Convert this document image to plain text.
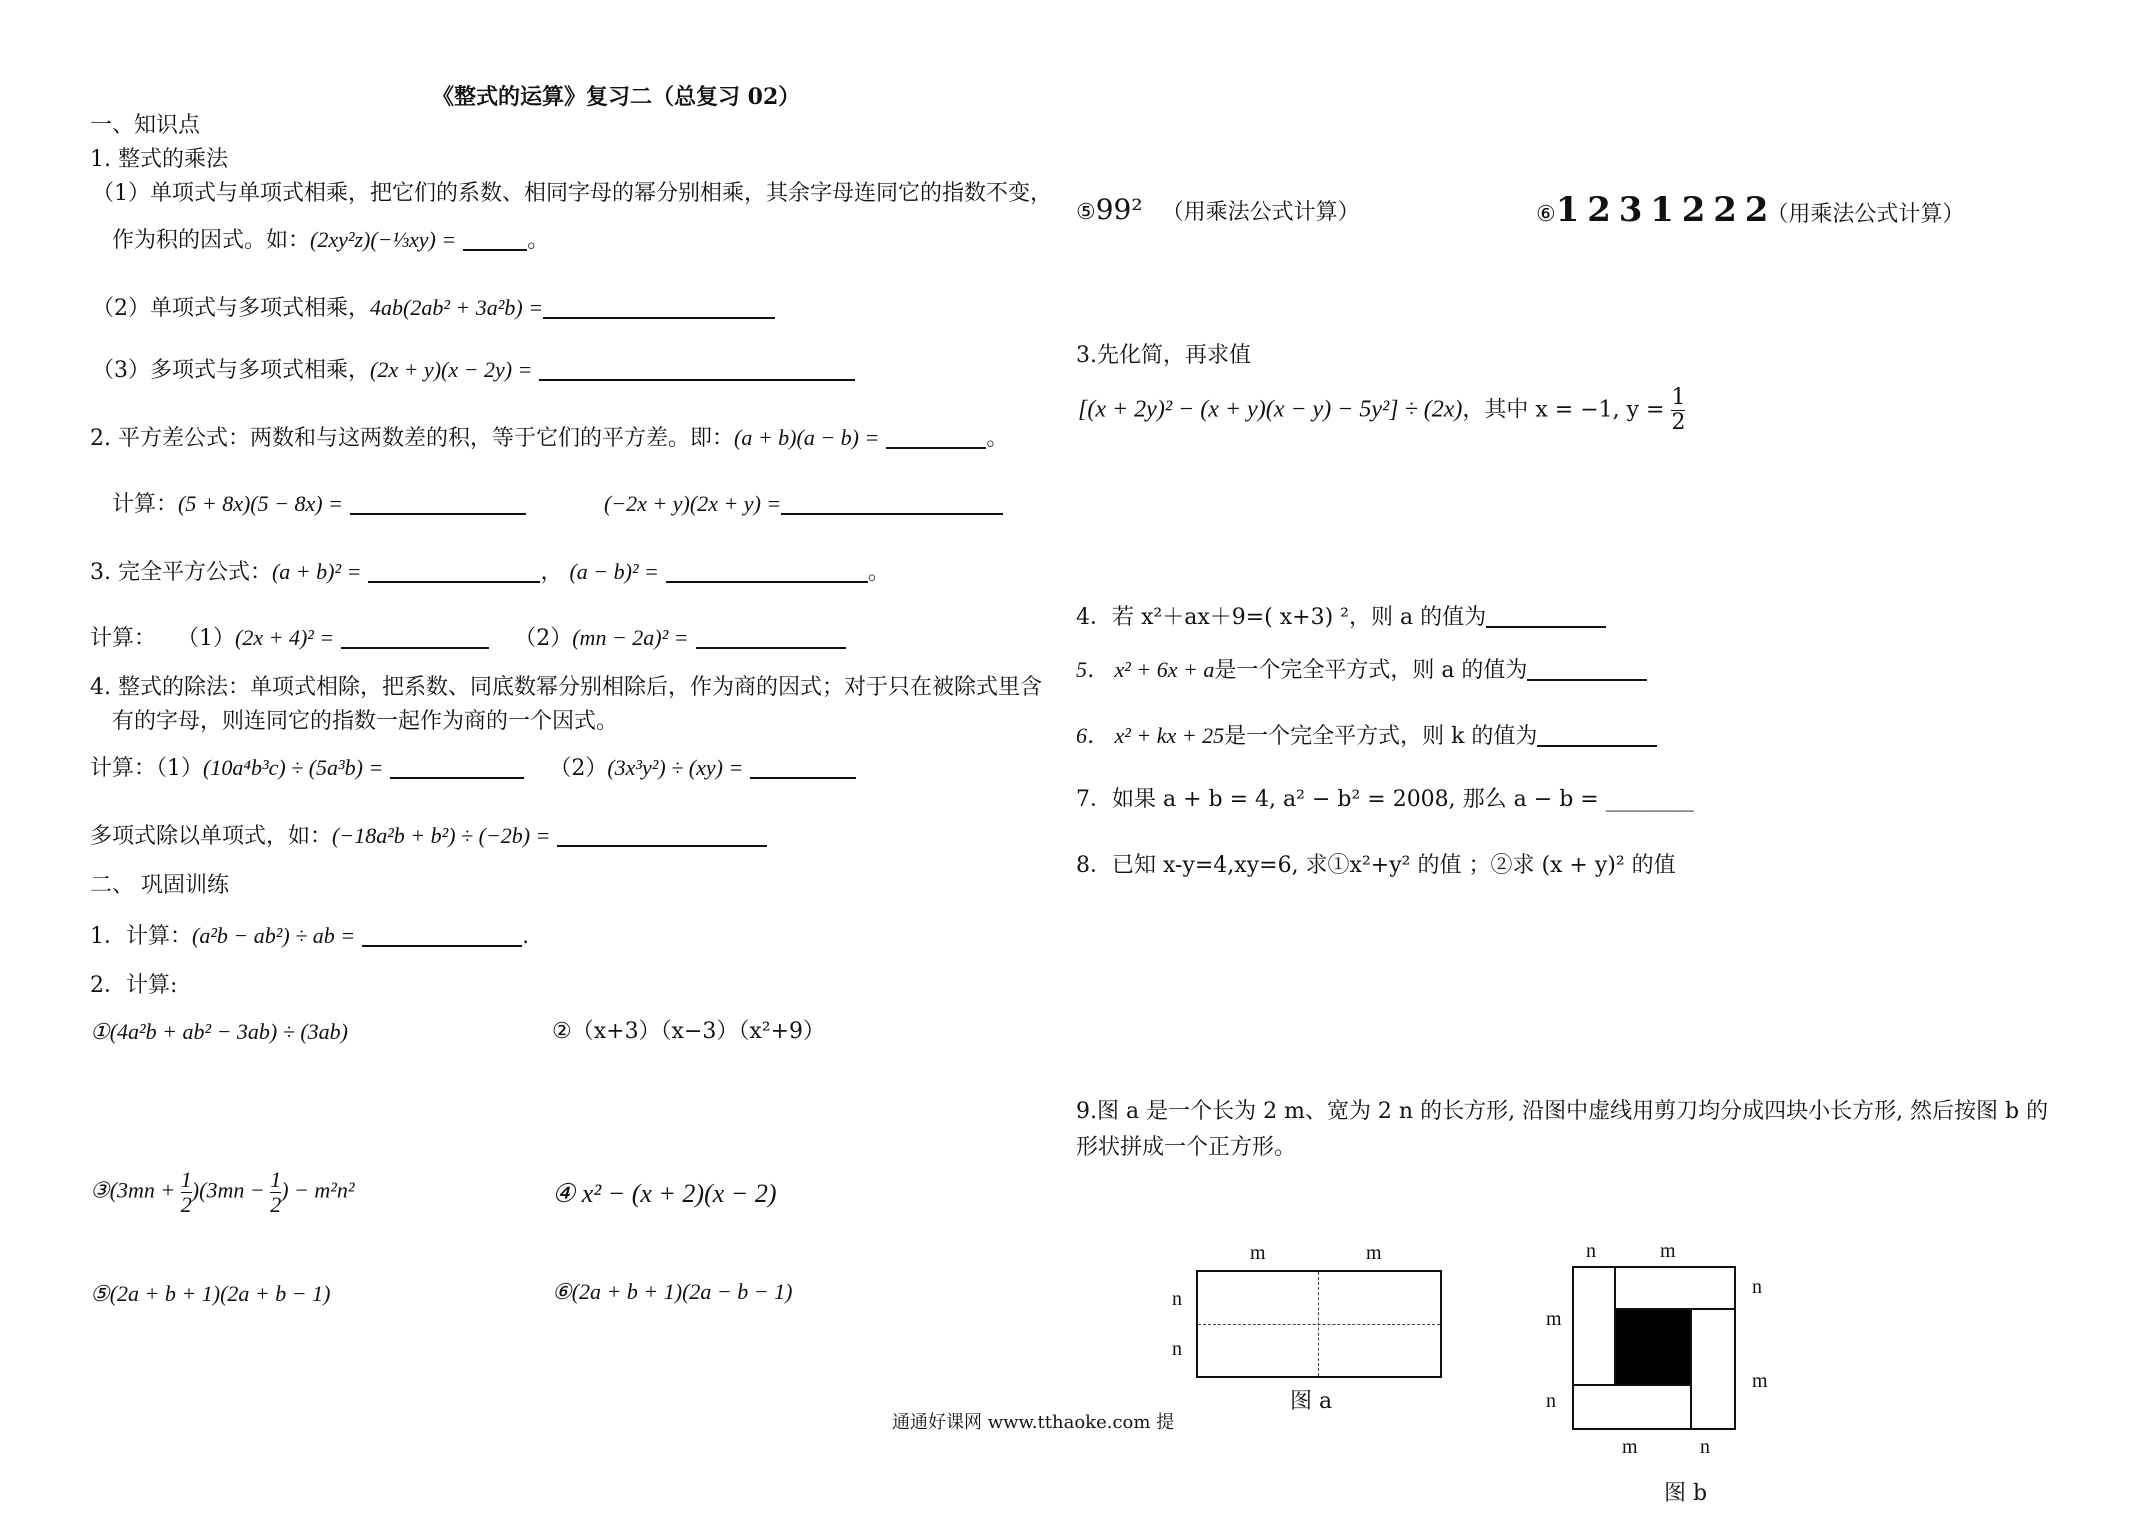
《整式的运算》复习二（总复习 02）
一、知识点
1. 整式的乘法
（1）单项式与单项式相乘，把它们的系数、相同字母的幂分别相乘，其余字母连同它的指数不变，
作为积的因式。如：(2xy²z)(−⅓xy) =	。
（2）单项式与多项式相乘，4ab(2ab² + 3a²b) =
（3）多项式与多项式相乘，(2x + y)(x − 2y) =
2. 平方差公式：两数和与这两数差的积，等于它们的平方差。即：(a + b)(a − b) =	。
计算：(5 + 8x)(5 − 8x) =	(−2x + y)(2x + y) =
3. 完全平方公式：(a + b)² =	， (a − b)² =	。
计算： （1）(2x + 4)² =	（2）(mn − 2a)² =
4. 整式的除法：单项式相除，把系数、同底数幂分别相除后，作为商的因式；对于只在被除式里含
有的字母，则连同它的指数一起作为商的一个因式。
计算：（1）(10a⁴b³c) ÷ (5a³b) =	（2）(3x³y²) ÷ (xy) =
多项式除以单项式，如：(−18a²b + b²) ÷ (−2b) =
二、 巩固训练
1．计算：(a²b − ab²) ÷ ab =	.
2．计算:
①(4a²b + ab² − 3ab) ÷ (3ab)	②（x+3）（x−3）（x²+9）
③(3mn + $\frac{1}{2} )(3mn - \frac{1}{2}$ ) − m²n²	④ x² − (x + 2)(x − 2)
⑤(2a + b + 1)(2a + b − 1)	⑥(2a + b + 1)(2a − b − 1)
⑤99² （用乘法公式计算）	⑥1 2 3 1 2 2 2（用乘法公式计算）
3.先化简，再求值
[(x + 2y)² − (x + y)(x − y) − 5y²] ÷ (2x)，其中 x = −1, $y = \frac{1}{2}$
4．若 x²＋ax＋9=( x+3) ²，则 a 的值为
5． x² + 6x + a是一个完全平方式，则 a 的值为
6． x² + kx + 25是一个完全平方式，则 k 的值为
7．如果 a + b = 4, a² − b² = 2008, 那么 a − b = ________
8．已知 x-y=4,xy=6, 求①x²+y² 的值 ；②求 (x + y)² 的值
9.图 a 是一个长为 2 m、宽为 2 n 的长方形, 沿图中虚线用剪刀均分成四块小长方形, 然后按图 b 的
形状拼成一个正方形。
m	m
n
n
图 a
n	m
n
m
m
n
m	n
图 b
通通好课网 www.tthaoke.com 提
